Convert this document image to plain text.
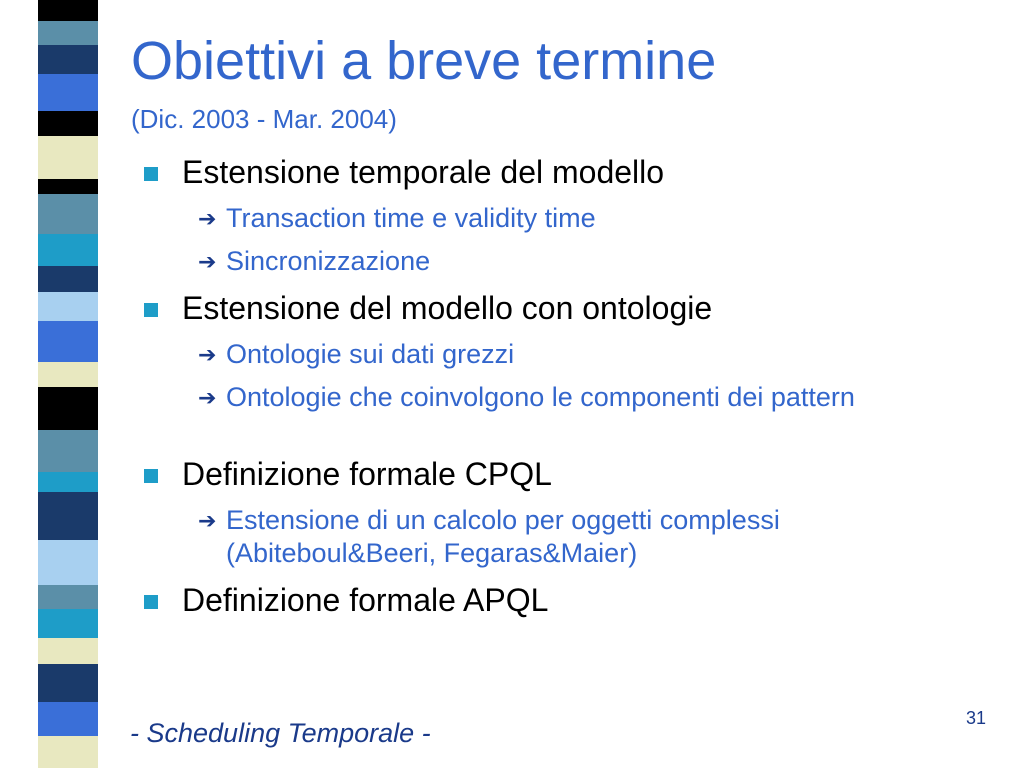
Obiettivi a breve termine
(Dic. 2003 - Mar. 2004)
Estensione temporale del modello
➔ Transaction time e validity time
➔ Sincronizzazione
Estensione del modello con ontologie
➔ Ontologie sui dati grezzi
➔ Ontologie che coinvolgono le componenti dei pattern
Definizione formale CPQL
➔ Estensione di un calcolo per oggetti complessi (Abiteboul&Beeri, Fegaras&Maier)
Definizione formale APQL
- Scheduling Temporale -	31
